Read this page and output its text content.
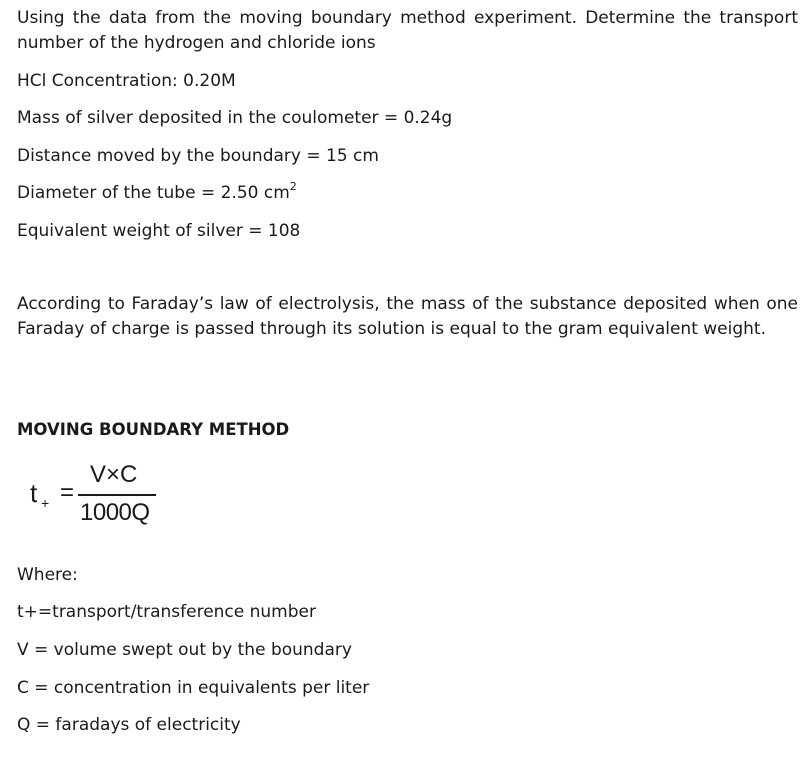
Using the data from the moving boundary method experiment. Determine the transport number of the hydrogen and chloride ions

HCl Concentration: 0.20M

Mass of silver deposited in the coulometer = 0.24g

Distance moved by the boundary = 15 cm

Diameter of the tube = 2.50 $cm^2$

Equivalent weight of silver = 108

According to Faraday’s law of electrolysis, the mass of the substance deposited when one Faraday of charge is passed through its solution is equal to the gram equivalent weight.

MOVING BOUNDARY METHOD

t + =
V×C
1000Q

Where:

t+=transport/transference number

V = volume swept out by the boundary

C = concentration in equivalents per liter

Q = faradays of electricity
